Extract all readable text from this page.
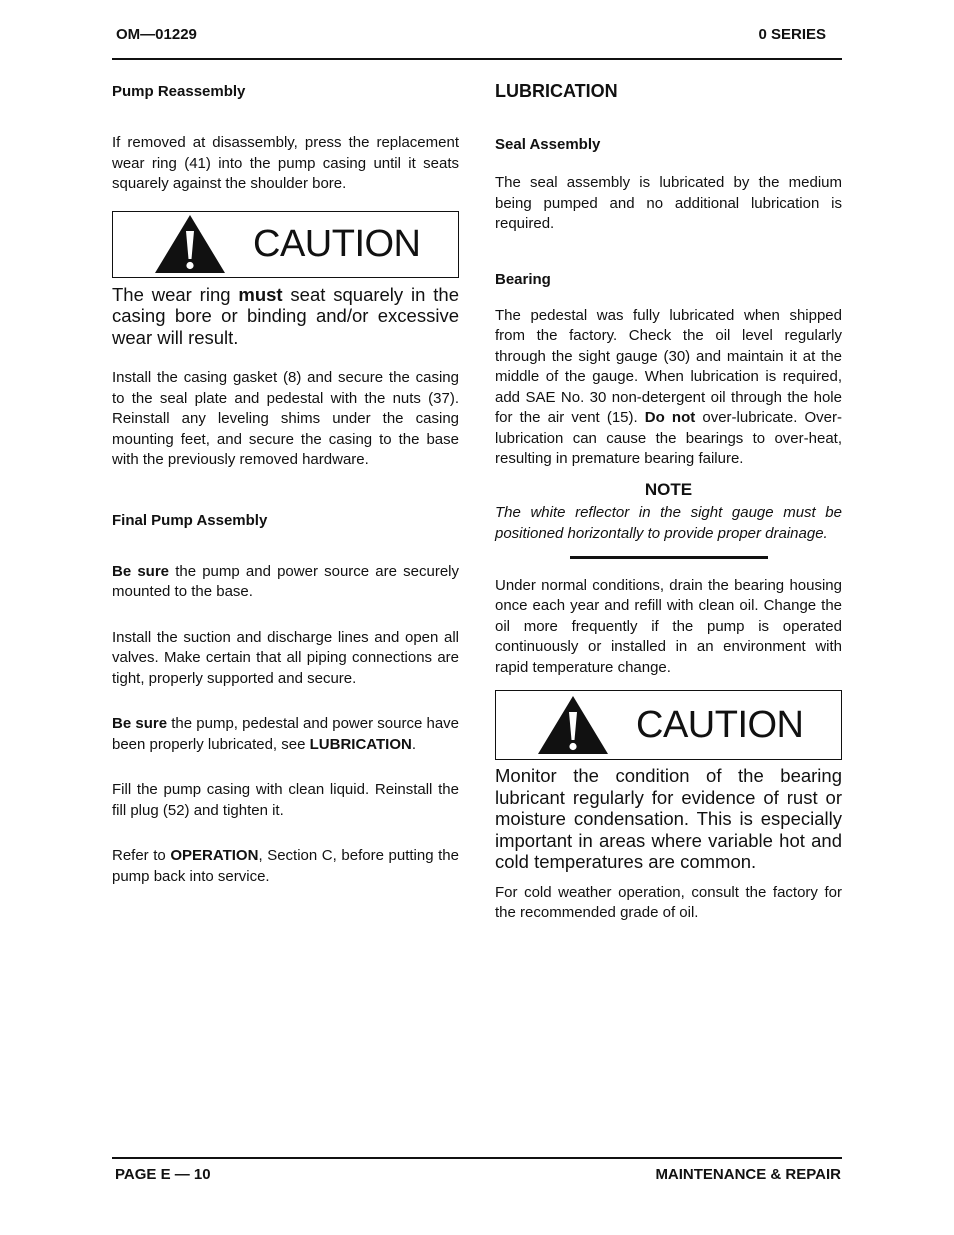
OM—01229	0 SERIES
Pump Reassembly

If removed at disassembly, press the replacement wear ring (41) into the pump casing until it seats squarely against the shoulder bore.

CAUTION

The wear ring must seat squarely in the casing bore or binding and/or excessive wear will result.

Install the casing gasket (8) and secure the casing to the seal plate and pedestal with the nuts (37). Reinstall any leveling shims under the casing mounting feet, and secure the casing to the base with the previously removed hardware.

Final Pump Assembly

Be sure the pump and power source are securely mounted to the base.

Install the suction and discharge lines and open all valves. Make certain that all piping connections are tight, properly supported and secure.

Be sure the pump, pedestal and power source have been properly lubricated, see LUBRICATION.

Fill the pump casing with clean liquid. Reinstall the fill plug (52) and tighten it.

Refer to OPERATION, Section C, before putting the pump back into service.

LUBRICATION
Seal Assembly

The seal assembly is lubricated by the medium being pumped and no additional lubrication is required.

Bearing

The pedestal was fully lubricated when shipped from the factory. Check the oil level regularly through the sight gauge (30) and maintain it at the middle of the gauge. When lubrication is required, add SAE No. 30 non-detergent oil through the hole for the air vent (15). Do not over-lubricate. Over-lubrication can cause the bearings to over-heat, resulting in premature bearing failure.

NOTE

The white reflector in the sight gauge must be positioned horizontally to provide proper drainage.

Under normal conditions, drain the bearing housing once each year and refill with clean oil. Change the oil more frequently if the pump is operated continuously or installed in an environment with rapid temperature change.

CAUTION

Monitor the condition of the bearing lubricant regularly for evidence of rust or moisture condensation. This is especially important in areas where variable hot and cold temperatures are common.

For cold weather operation, consult the factory for the recommended grade of oil.

PAGE E — 10	MAINTENANCE & REPAIR
